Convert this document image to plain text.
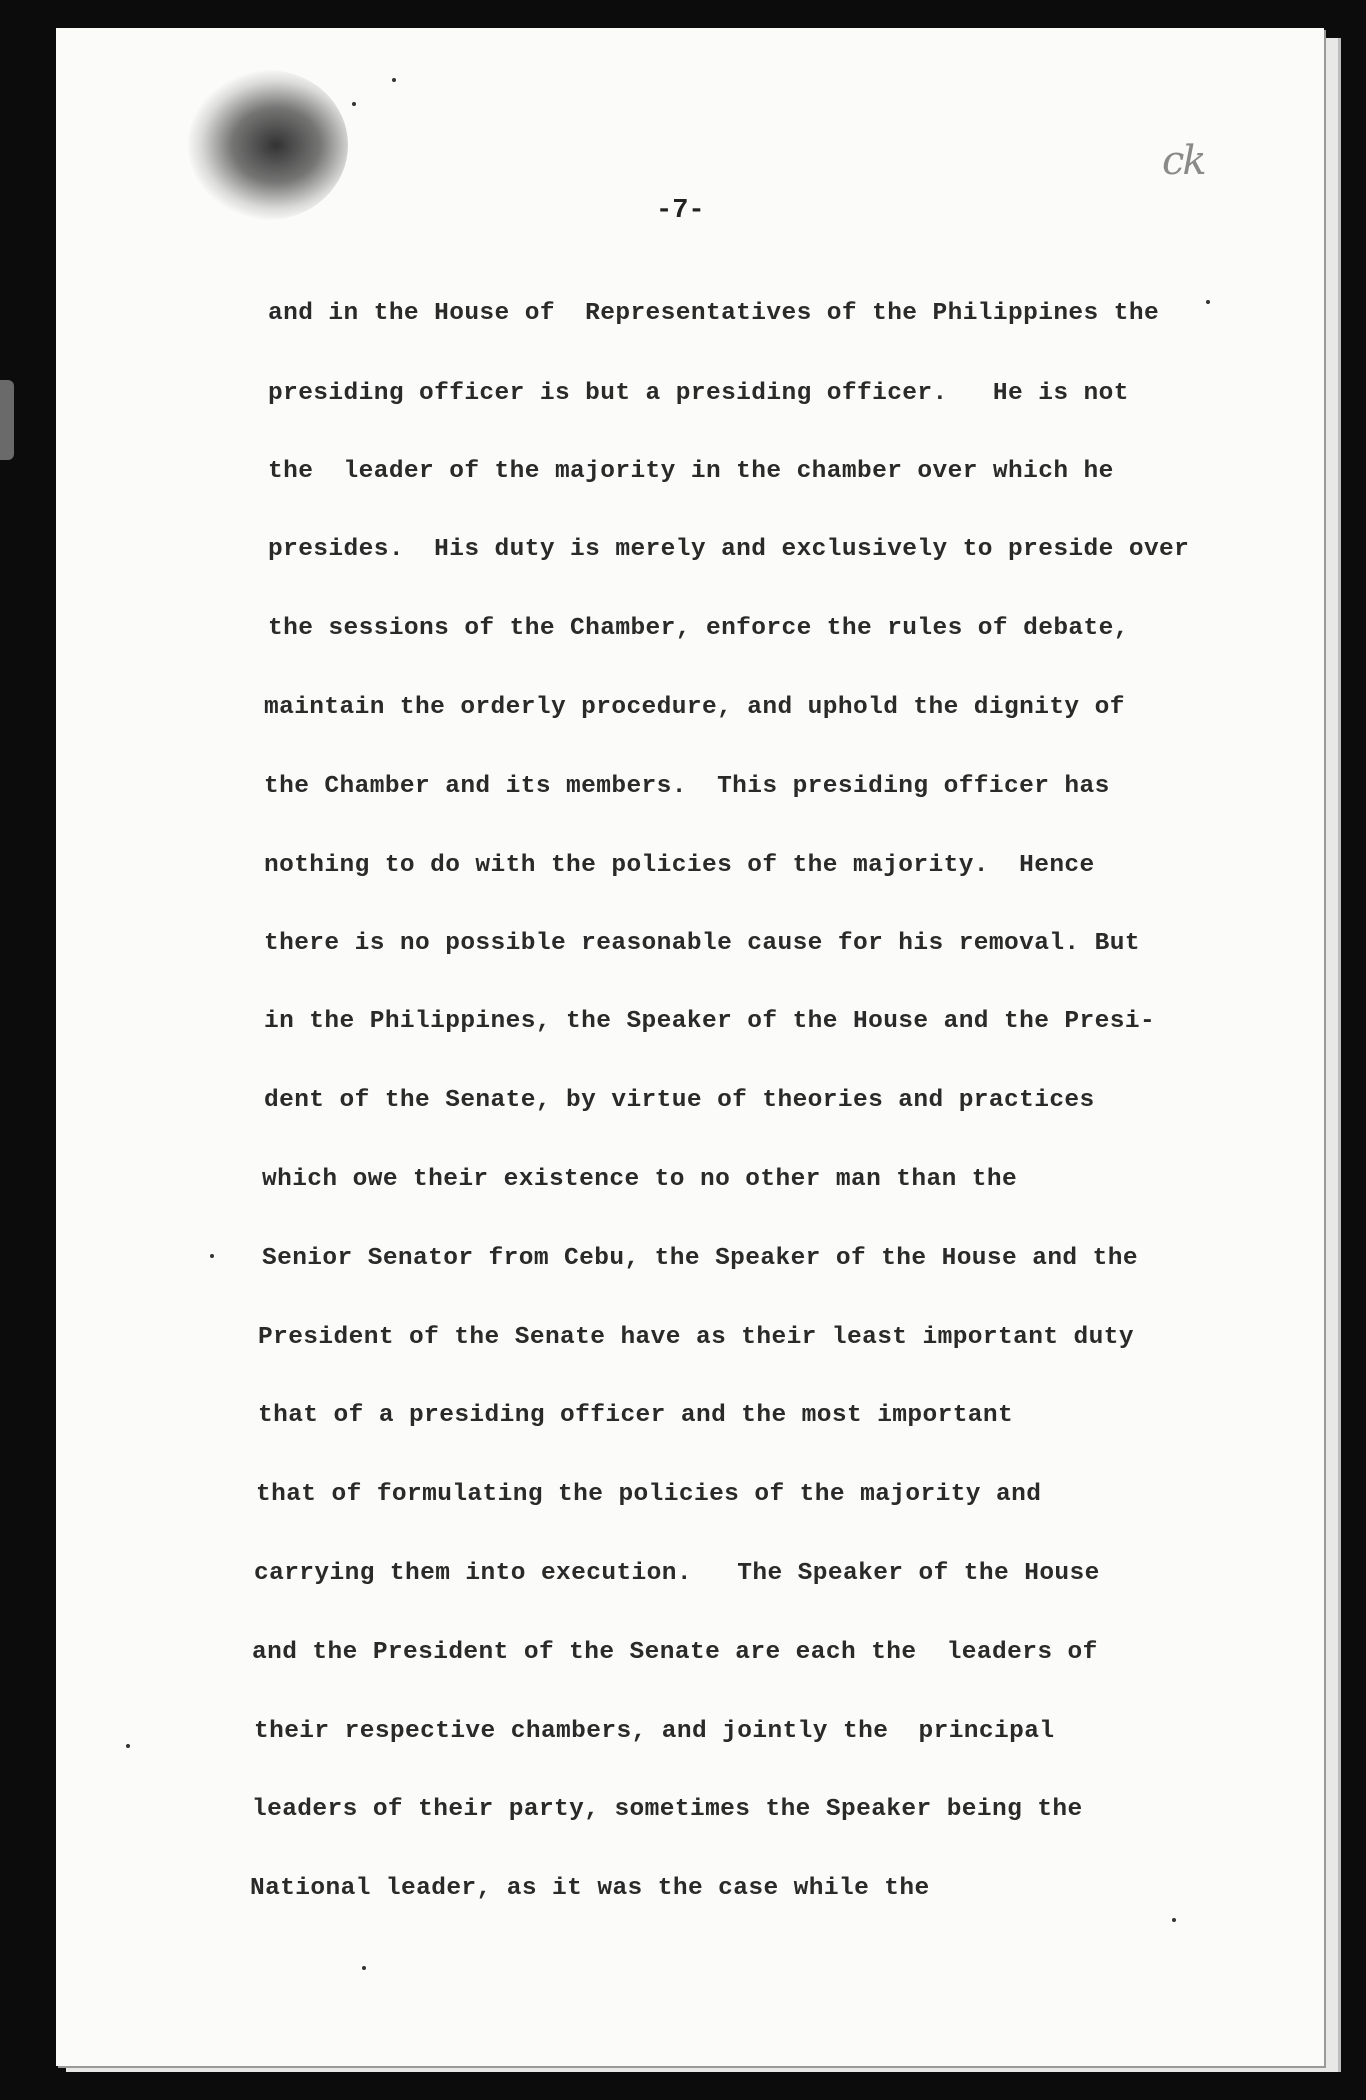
ck
-7-
and in the House of  Representatives of the Philippines the
presiding officer is but a presiding officer.   He is not
the  leader of the majority in the chamber over which he
presides.  His duty is merely and exclusively to preside over
the sessions of the Chamber, enforce the rules of debate,
maintain the orderly procedure, and uphold the dignity of
the Chamber and its members.  This presiding officer has
nothing to do with the policies of the majority.  Hence
there is no possible reasonable cause for his removal. But
in the Philippines, the Speaker of the House and the Presi-
dent of the Senate, by virtue of theories and practices
which owe their existence to no other man than the
Senior Senator from Cebu, the Speaker of the House and the
President of the Senate have as their least important duty
that of a presiding officer and the most important
that of formulating the policies of the majority and
carrying them into execution.   The Speaker of the House
and the President of the Senate are each the  leaders of
their respective chambers, and jointly the  principal
leaders of their party, sometimes the Speaker being the
National leader, as it was the case while the
